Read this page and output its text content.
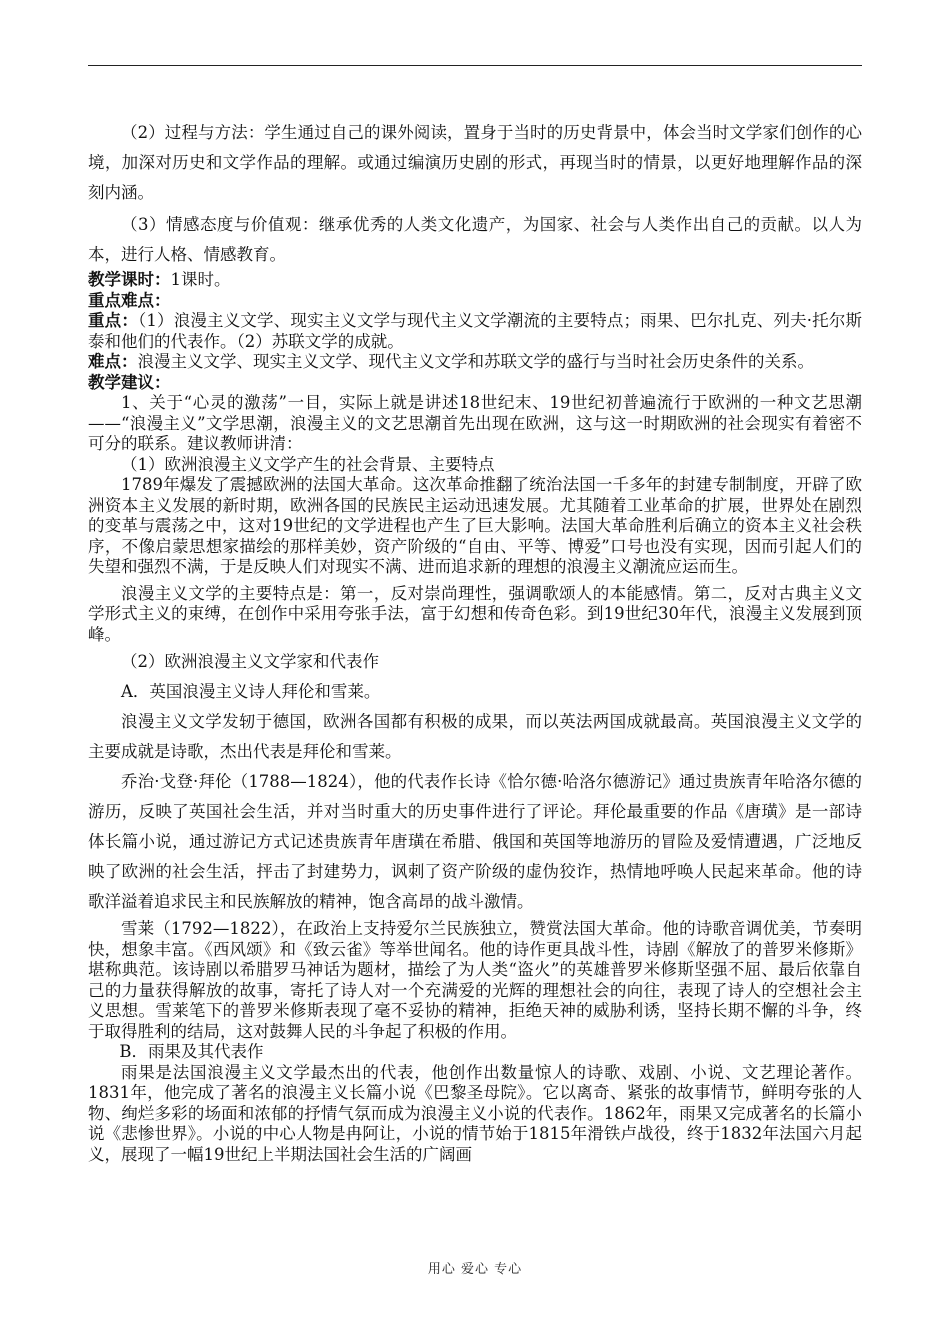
（2）过程与方法：学生通过自己的课外阅读，置身于当时的历史背景中，体会当时文学家们创作的心境，加深对历史和文学作品的理解。或通过编演历史剧的形式，再现当时的情景，以更好地理解作品的深刻内涵。

（3）情感态度与价值观：继承优秀的人类文化遗产，为国家、社会与人类作出自己的贡献。以人为本，进行人格、情感教育。

教学课时：1课时。

重点难点：

重点：（1）浪漫主义文学、现实主义文学与现代主义文学潮流的主要特点；雨果、巴尔扎克、列夫·托尔斯泰和他们的代表作。（2）苏联文学的成就。

难点：浪漫主义文学、现实主义文学、现代主义文学和苏联文学的盛行与当时社会历史条件的关系。

教学建议：

1、关于“心灵的激荡”一目，实际上就是讲述18世纪末、19世纪初普遍流行于欧洲的一种文艺思潮——“浪漫主义”文学思潮，浪漫主义的文艺思潮首先出现在欧洲，这与这一时期欧洲的社会现实有着密不可分的联系。建议教师讲清：

（1）欧洲浪漫主义文学产生的社会背景、主要特点

1789年爆发了震撼欧洲的法国大革命。这次革命推翻了统治法国一千多年的封建专制制度，开辟了欧洲资本主义发展的新时期，欧洲各国的民族民主运动迅速发展。尤其随着工业革命的扩展，世界处在剧烈的变革与震荡之中，这对19世纪的文学进程也产生了巨大影响。法国大革命胜利后确立的资本主义社会秩序，不像启蒙思想家描绘的那样美妙，资产阶级的“自由、平等、博爱”口号也没有实现，因而引起人们的失望和强烈不满，于是反映人们对现实不满、进而追求新的理想的浪漫主义潮流应运而生。

浪漫主义文学的主要特点是：第一，反对崇尚理性，强调歌颂人的本能感情。第二，反对古典主义文学形式主义的束缚，在创作中采用夸张手法，富于幻想和传奇色彩。到19世纪30年代，浪漫主义发展到顶峰。

（2）欧洲浪漫主义文学家和代表作

A．英国浪漫主义诗人拜伦和雪莱。

浪漫主义文学发轫于德国，欧洲各国都有积极的成果，而以英法两国成就最高。英国浪漫主义文学的主要成就是诗歌，杰出代表是拜伦和雪莱。

乔治·戈登·拜伦（1788—1824），他的代表作长诗《恰尔德·哈洛尔德游记》通过贵族青年哈洛尔德的游历，反映了英国社会生活，并对当时重大的历史事件进行了评论。拜伦最重要的作品《唐璜》是一部诗体长篇小说，通过游记方式记述贵族青年唐璜在希腊、俄国和英国等地游历的冒险及爱情遭遇，广泛地反映了欧洲的社会生活，抨击了封建势力，讽刺了资产阶级的虚伪狡诈，热情地呼唤人民起来革命。他的诗歌洋溢着追求民主和民族解放的精神，饱含高昂的战斗激情。

雪莱（1792—1822），在政治上支持爱尔兰民族独立，赞赏法国大革命。他的诗歌音调优美，节奏明快，想象丰富。《西风颂》和《致云雀》等举世闻名。他的诗作更具战斗性，诗剧《解放了的普罗米修斯》堪称典范。该诗剧以希腊罗马神话为题材，描绘了为人类“盗火”的英雄普罗米修斯坚强不屈、最后依靠自己的力量获得解放的故事，寄托了诗人对一个充满爱的光辉的理想社会的向往，表现了诗人的空想社会主义思想。雪莱笔下的普罗米修斯表现了毫不妥协的精神，拒绝天神的威胁利诱，坚持长期不懈的斗争，终于取得胜利的结局，这对鼓舞人民的斗争起了积极的作用。

B．雨果及其代表作

雨果是法国浪漫主义文学最杰出的代表，他创作出数量惊人的诗歌、戏剧、小说、文艺理论著作。1831年，他完成了著名的浪漫主义长篇小说《巴黎圣母院》。它以离奇、紧张的故事情节，鲜明夸张的人物、绚烂多彩的场面和浓郁的抒情气氛而成为浪漫主义小说的代表作。1862年，雨果又完成著名的长篇小说《悲惨世界》。小说的中心人物是冉阿让，小说的情节始于1815年滑铁卢战役，终于1832年法国六月起义，展现了一幅19世纪上半期法国社会生活的广阔画

用心 爱心 专心
